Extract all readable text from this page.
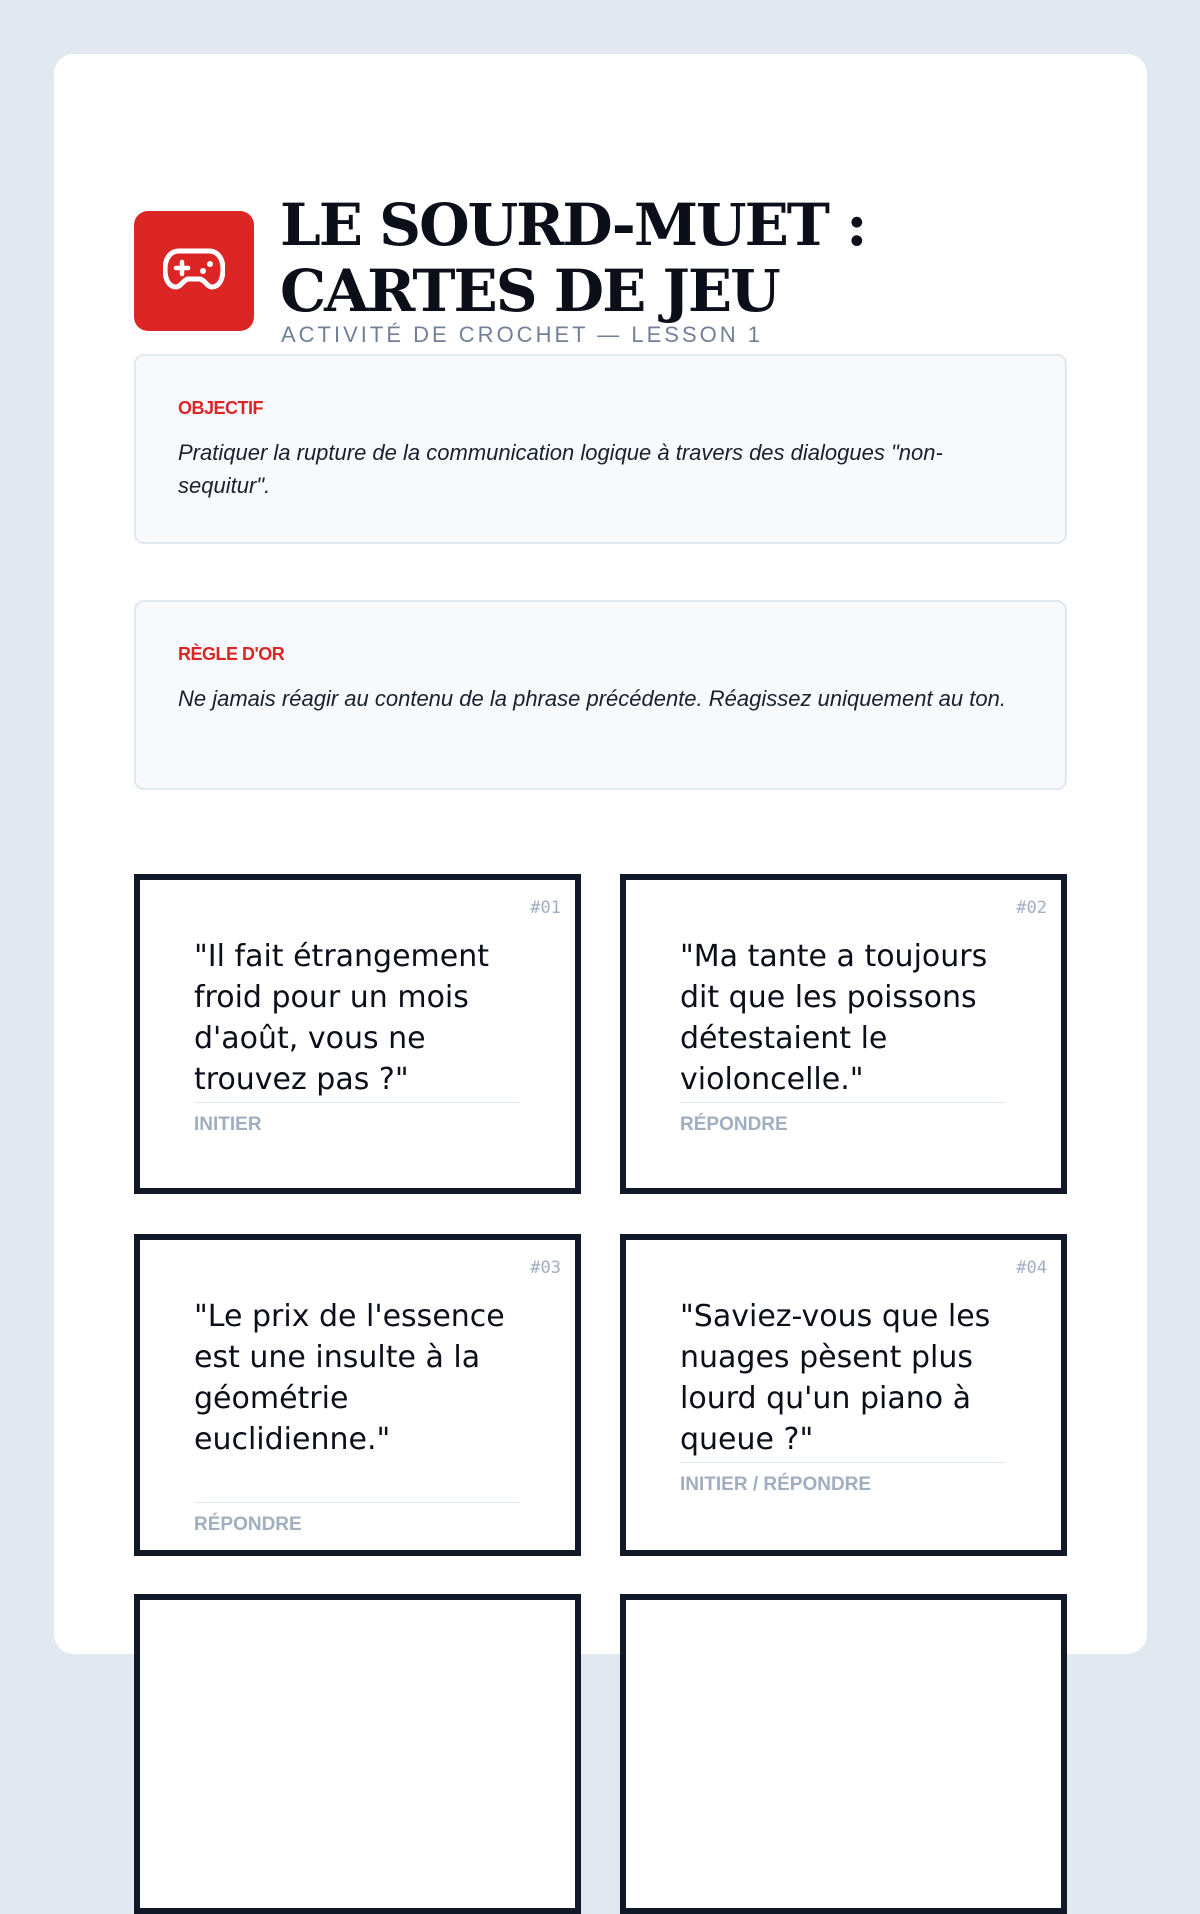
LE SOURD-MUET : CARTES DE JEU
ACTIVITÉ DE CROCHET — LESSON 1
OBJECTIF
Pratiquer la rupture de la communication logique à travers des dialogues "non-sequitur".
RÈGLE D'OR
Ne jamais réagir au contenu de la phrase précédente. Réagissez uniquement au ton.
#01
"Il fait étrangement froid pour un mois d'août, vous ne trouvez pas ?"
INITIER
#02
"Ma tante a toujours dit que les poissons détestaient le violoncelle."
RÉPONDRE
#03
"Le prix de l'essence est une insulte à la géométrie euclidienne."
RÉPONDRE
#04
"Saviez-vous que les nuages pèsent plus lourd qu'un piano à queue ?"
INITIER / RÉPONDRE
